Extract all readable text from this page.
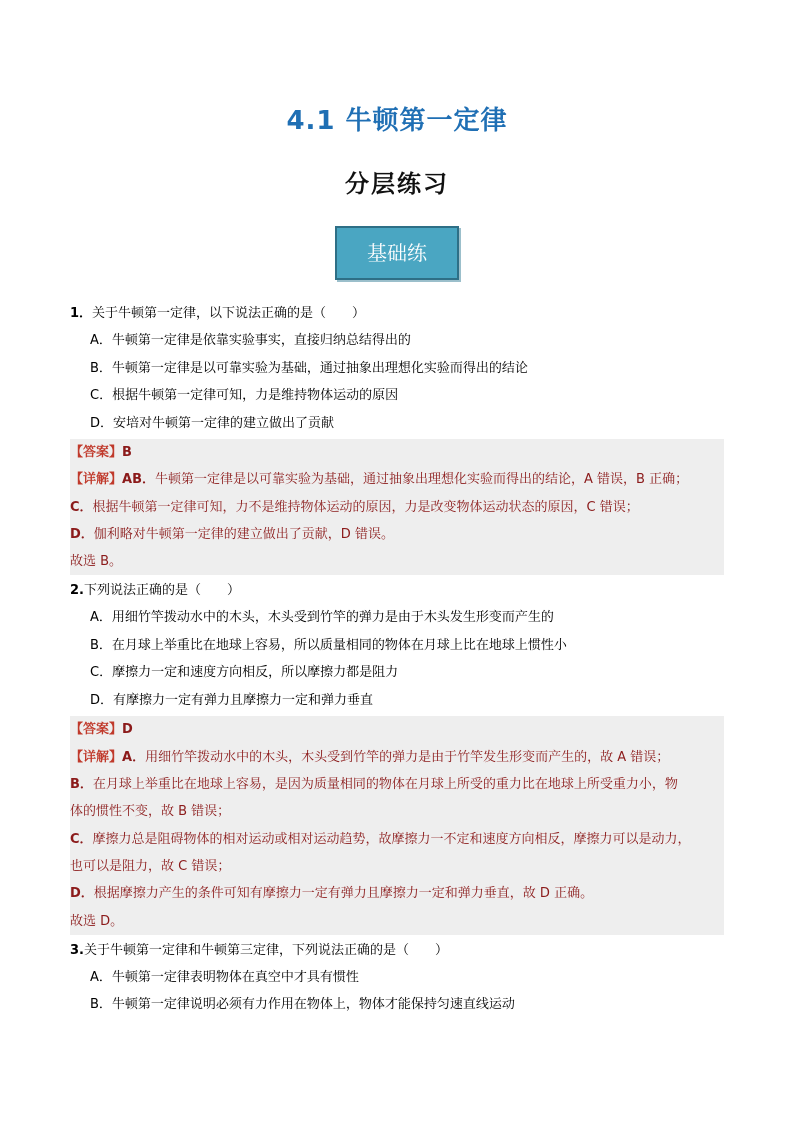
4.1 牛顿第一定律
分层练习
基础练
1．关于牛顿第一定律，以下说法正确的是（　　）
A．牛顿第一定律是依靠实验事实，直接归纳总结得出的
B．牛顿第一定律是以可靠实验为基础，通过抽象出理想化实验而得出的结论
C．根据牛顿第一定律可知，力是维持物体运动的原因
D．安培对牛顿第一定律的建立做出了贡献
【答案】B
【详解】AB．牛顿第一定律是以可靠实验为基础，通过抽象出理想化实验而得出的结论，A 错误，B 正确；
C．根据牛顿第一定律可知，力不是维持物体运动的原因，力是改变物体运动状态的原因，C 错误；
D．伽利略对牛顿第一定律的建立做出了贡献，D 错误。
故选 B。
2.下列说法正确的是（　　）
A．用细竹竿拨动水中的木头，木头受到竹竿的弹力是由于木头发生形变而产生的
B．在月球上举重比在地球上容易，所以质量相同的物体在月球上比在地球上惯性小
C．摩擦力一定和速度方向相反，所以摩擦力都是阻力
D．有摩擦力一定有弹力且摩擦力一定和弹力垂直
【答案】D
【详解】A．用细竹竿拨动水中的木头，木头受到竹竿的弹力是由于竹竿发生形变而产生的，故 A 错误；
B．在月球上举重比在地球上容易，是因为质量相同的物体在月球上所受的重力比在地球上所受重力小，物
体的惯性不变，故 B 错误；
C．摩擦力总是阻碍物体的相对运动或相对运动趋势，故摩擦力一不定和速度方向相反，摩擦力可以是动力，
也可以是阻力，故 C 错误；
D．根据摩擦力产生的条件可知有摩擦力一定有弹力且摩擦力一定和弹力垂直，故 D 正确。
故选 D。
3.关于牛顿第一定律和牛顿第三定律，下列说法正确的是（　　）
A．牛顿第一定律表明物体在真空中才具有惯性
B．牛顿第一定律说明必须有力作用在物体上，物体才能保持匀速直线运动
